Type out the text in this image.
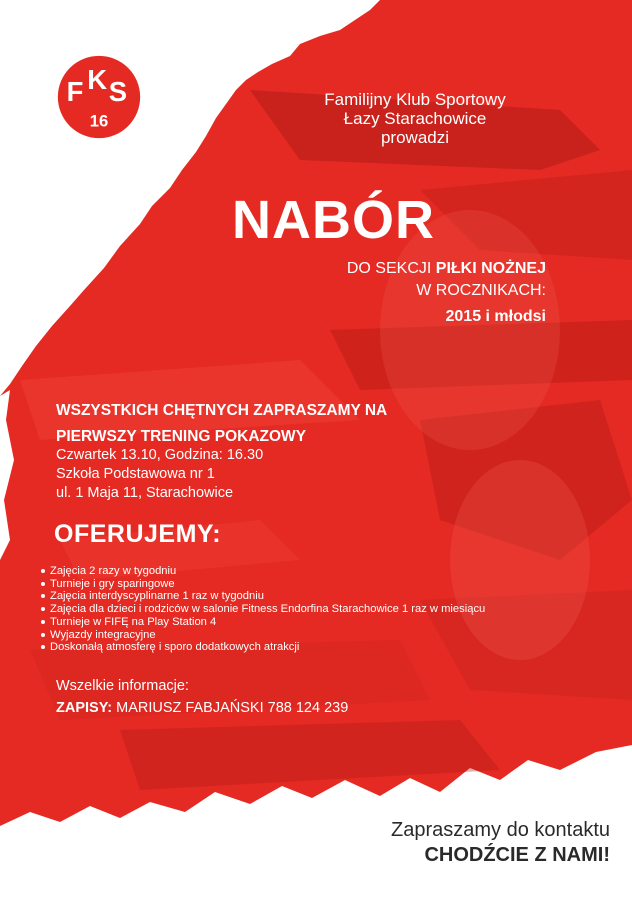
F K S
16
Familijny Klub Sportowy
Łazy Starachowice
prowadzi
NABÓR
DO SEKCJI PIŁKI NOŻNEJ
W ROCZNIKACH:
2015 i młodsi
WSZYSTKICH CHĘTNYCH ZAPRASZAMY NA
PIERWSZY TRENING POKAZOWY
Czwartek 13.10, Godzina: 16.30
Szkoła Podstawowa nr 1
ul. 1 Maja 11, Starachowice
OFERUJEMY:
Zajęcia 2 razy w tygodniu
Turnieje i gry sparingowe
Zajęcia interdyscyplinarne 1 raz w tygodniu
Zajęcia dla dzieci i rodziców w salonie Fitness Endorfina Starachowice 1 raz w miesiącu
Turnieje w FIFĘ na Play Station 4
Wyjazdy integracyjne
Doskonałą atmosferę i sporo dodatkowych atrakcji
Wszelkie informacje:
ZAPISY: MARIUSZ FABJAŃSKI 788 124 239
Zapraszamy do kontaktu
CHODŹCIE Z NAMI!
